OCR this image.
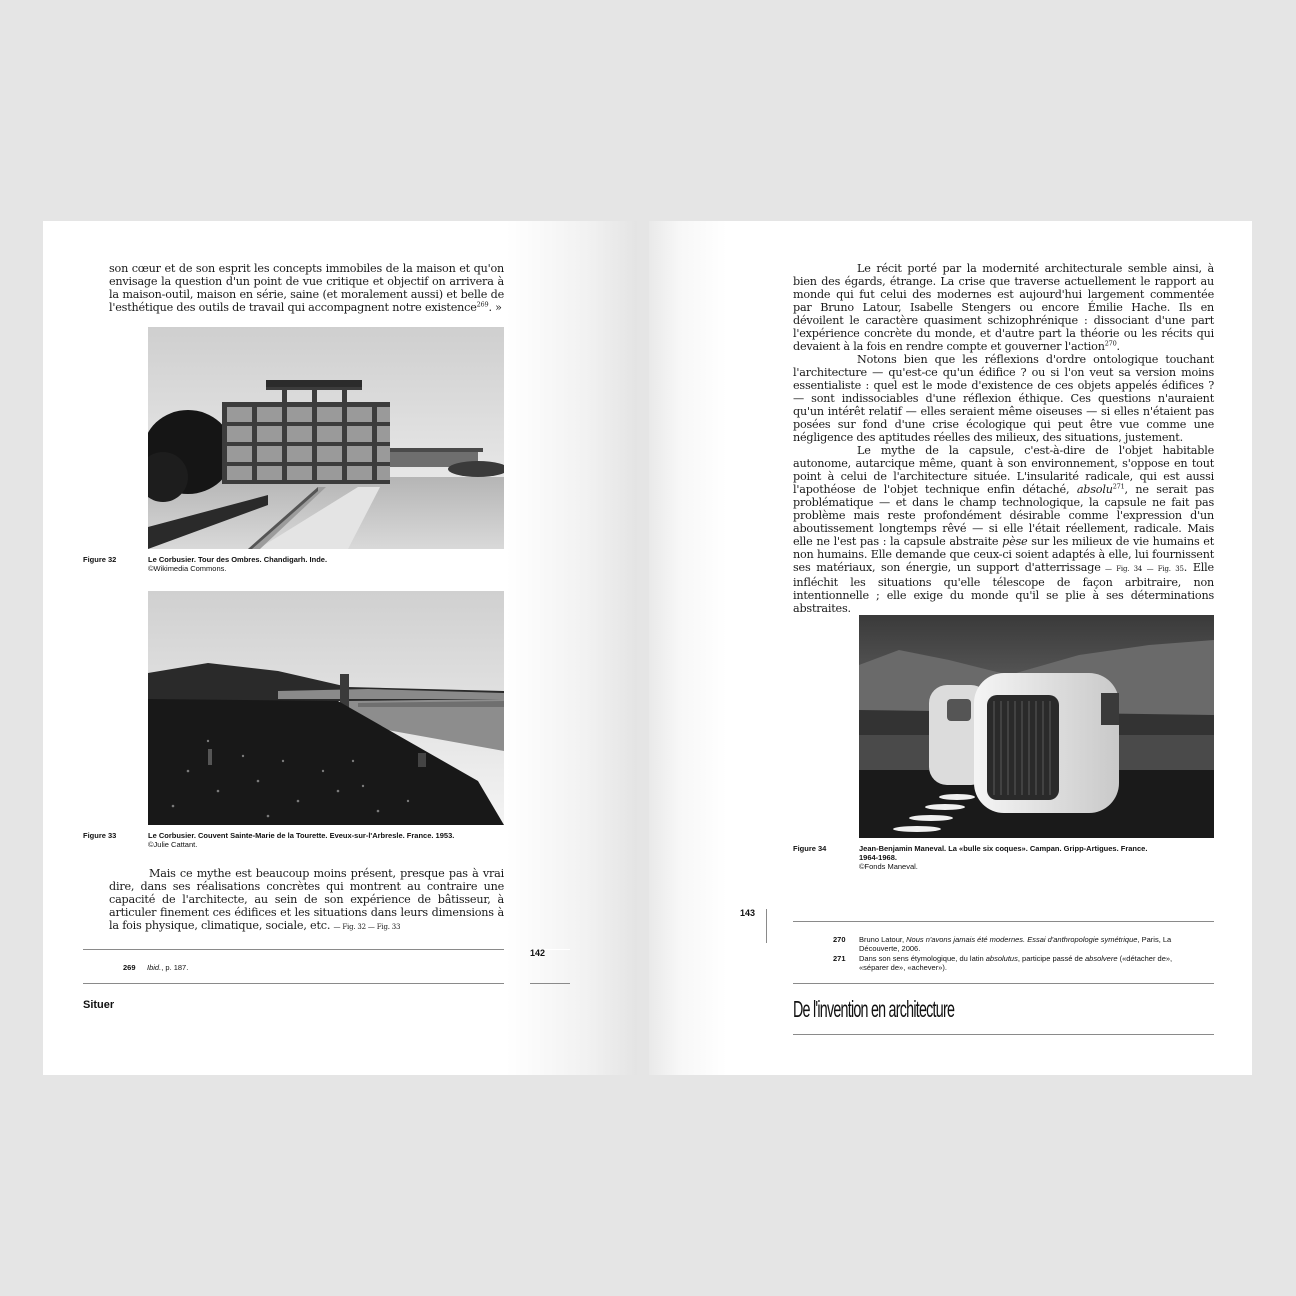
son cœur et de son esprit les concepts immobiles de la maison et qu'on envisage la question d'un point de vue critique et objectif on arrivera à la maison-outil, maison en série, saine (et moralement aussi) et belle de l'esthétique des outils de travail qui accompagnent notre existence$^{269}$. »

Figure 32	Le Corbusier. Tour des Ombres. Chandigarh. Inde.
©Wikimedia Commons.
Figure 33	Le Corbusier. Couvent Sainte-Marie de la Tourette. Eveux-sur-l'Arbresle. France. 1953.
©Julie Cattant.

Mais ce mythe est beaucoup moins présent, presque pas à vrai dire, dans ses réalisations concrètes qui montrent au contraire une capacité de l'architecte, au sein de son expérience de bâtisseur, à articuler finement ces édifices et les situations dans leurs dimensions à la fois physique, climatique, sociale, etc. — Fig. 32 — Fig. 33

142
269 Ibid., p. 187.
Situer

Le récit porté par la modernité architecturale semble ainsi, à bien des égards, étrange. La crise que traverse actuellement le rapport au monde qui fut celui des modernes est aujourd'hui largement commentée par Bruno Latour, Isabelle Stengers ou encore Émilie Hache. Ils en dévoilent le caractère quasiment schizophrénique : dissociant d'une part l'expérience concrète du monde, et d'autre part la théorie ou les récits qui devaient à la fois en rendre compte et gouverner l'action$^{270}$.

Notons bien que les réflexions d'ordre ontologique touchant l'architecture — qu'est-ce qu'un édifice ? ou si l'on veut sa version moins essentialiste : quel est le mode d'existence de ces objets appelés édifices ? — sont indissociables d'une réflexion éthique. Ces questions n'auraient qu'un intérêt relatif — elles seraient même oiseuses — si elles n'étaient pas posées sur fond d'une crise écologique qui peut être vue comme une négligence des aptitudes réelles des milieux, des situations, justement.

Le mythe de la capsule, c'est-à-dire de l'objet habitable autonome, autarcique même, quant à son environnement, s'oppose en tout point à celui de l'architecture située. L'insularité radicale, qui est aussi l'apothéose de l'objet technique enfin détaché, absolu$^{271}$, ne serait pas problématique — et dans le champ technologique, la capsule ne fait pas problème mais reste profondément désirable comme l'expression d'un aboutissement longtemps rêvé — si elle l'était réellement, radicale. Mais elle ne l'est pas : la capsule abstraite pèse sur les milieux de vie humains et non humains. Elle demande que ceux-ci soient adaptés à elle, lui fournissent ses matériaux, son énergie, un support d'atterrissage — Fig. 34 — Fig. 35. Elle infléchit les situations qu'elle télescope de façon arbitraire, non intentionnelle ; elle exige du monde qu'il se plie à ses déterminations abstraites.

Figure 34	Jean-Benjamin Maneval. La «bulle six coques». Campan. Gripp-Artigues. France. 1964-1968.
©Fonds Maneval.
143
270 Bruno Latour, Nous n'avons jamais été modernes. Essai d'anthropologie symétrique, Paris, La Découverte, 2006.
271 Dans son sens étymologique, du latin absolutus, participe passé de absolvere («détacher de», «séparer de», «achever»).
De l'invention en architecture
